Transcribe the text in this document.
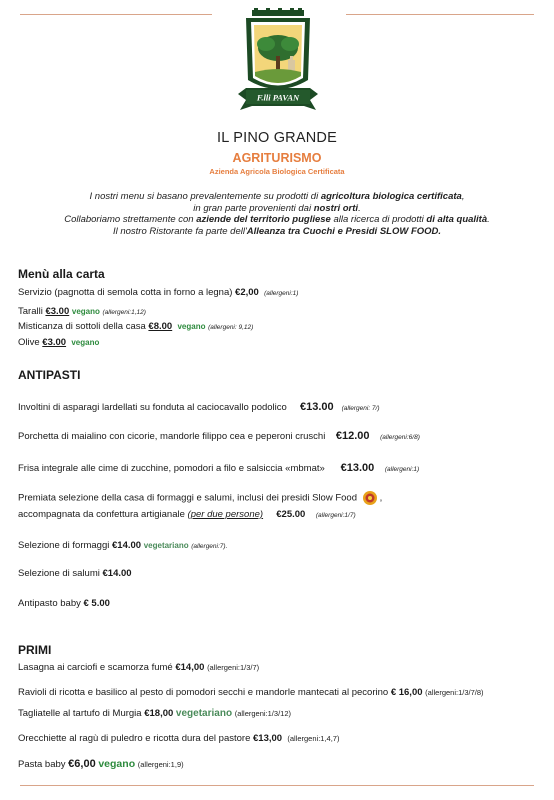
F.lli PAVAN
IL PINO GRANDE
AGRITURISMO
Azienda Agricola Biologica Certificata
I nostri menu si basano prevalentemente su prodotti di agricoltura biologica certificata,
in gran parte provenienti dai nostri orti.
Collaboriamo strettamente con aziende del territorio pugliese alla ricerca di prodotti di alta qualità.
Il nostro Ristorante fa parte dell'Alleanza tra Cuochi e Presidi SLOW FOOD.
Menù alla carta
Servizio (pagnotta di semola cotta in forno a legna) €2,00 (allergeni:1)
Taralli €3.00 vegano (allergeni:1,12)
Misticanza di sottoli della casa €8.00 vegano (allergeni: 9,12)
Olive €3.00 vegano
ANTIPASTI
Involtini di asparagi lardellati su fonduta al caciocavallo podolico     €13.00 (allergeni: 7/)
Porchetta di maialino con cicorie, mandorle filippo cea e peperoni cruschi    €12.00 (allergeni:6/8)
Frisa integrale alle cime di zucchine, pomodori a filo e salsiccia «mbmat»      €13.00 (allergeni:1)
Premiata selezione della casa di formaggi e salumi, inclusi dei presidi Slow Food ,
accompagnata da confettura artigianale (per due persone) €25.00 (allergeni:1/7)
Selezione di formaggi €14.00 vegetariano (allergeni:7).
Selezione di salumi €14.00
Antipasto baby € 5.00
PRIMI
Lasagna ai carciofi e scamorza fumé €14,00 (allergeni:1/3/7)
Ravioli di ricotta e basilico al pesto di pomodori secchi e mandorle mantecati al pecorino € 16,00 (allergeni:1/3/7/8)
Tagliatelle al tartufo di Murgia €18,00 vegetariano (allergeni:1/3/12)
Orecchiette al ragù di puledro e ricotta dura del pastore €13,00 (allergeni:1,4,7)
Pasta baby €6,00 vegano (allergeni:1,9)
